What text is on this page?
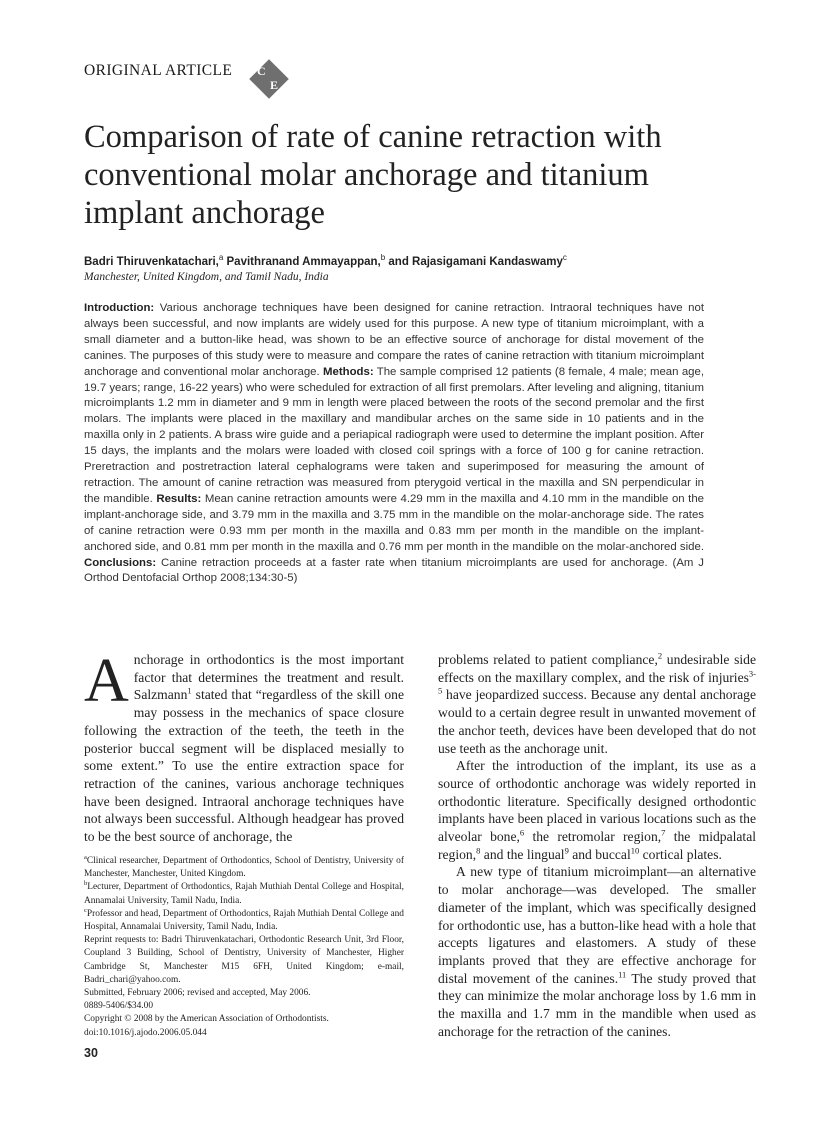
ORIGINAL ARTICLE C
E
Comparison of rate of canine retraction with
conventional molar anchorage and titanium
implant anchorage
Badri Thiruvenkatachari,$^a$ Pavithranand Ammayappan,$^b$ and Rajasigamani Kandaswamy$^c$
Manchester, United Kingdom, and Tamil Nadu, India

Introduction: Various anchorage techniques have been designed for canine retraction. Intraoral techniques have not always been successful, and now implants are widely used for this purpose. A new type of titanium microimplant, with a small diameter and a button-like head, was shown to be an effective source of anchorage for distal movement of the canines. The purposes of this study were to measure and compare the rates of canine retraction with titanium microimplant anchorage and conventional molar anchorage. Methods: The sample comprised 12 patients (8 female, 4 male; mean age, 19.7 years; range, 16-22 years) who were scheduled for extraction of all first premolars. After leveling and aligning, titanium microimplants 1.2 mm in diameter and 9 mm in length were placed between the roots of the second premolar and the first molars. The implants were placed in the maxillary and mandibular arches on the same side in 10 patients and in the maxilla only in 2 patients. A brass wire guide and a periapical radiograph were used to determine the implant position. After 15 days, the implants and the molars were loaded with closed coil springs with a force of 100 g for canine retraction. Preretraction and postretraction lateral cephalograms were taken and superimposed for measuring the amount of retraction. The amount of canine retraction was measured from pterygoid vertical in the maxilla and SN perpendicular in the mandible. Results: Mean canine retraction amounts were 4.29 mm in the maxilla and 4.10 mm in the mandible on the implant-anchorage side, and 3.79 mm in the maxilla and 3.75 mm in the mandible on the molar-anchorage side. The rates of canine retraction were 0.93 mm per month in the maxilla and 0.83 mm per month in the mandible on the implant-anchored side, and 0.81 mm per month in the maxilla and 0.76 mm per month in the mandible on the molar-anchored side. Conclusions: Canine retraction proceeds at a faster rate when titanium microimplants are used for anchorage. (Am J Orthod Dentofacial Orthop 2008;134:30-5)

Anchorage in orthodontics is the most important factor that determines the treatment and result. Salzmann$^1$ stated that “regardless of the skill one may possess in the mechanics of space closure following the extraction of the teeth, the teeth in the posterior buccal segment will be displaced mesially to some extent.” To use the entire extraction space for retraction of the canines, various anchorage techniques have been designed. Intraoral anchorage techniques have not always been successful. Although headgear has proved to be the best source of anchorage, the

$^a$Clinical researcher, Department of Orthodontics, School of Dentistry, University of Manchester, Manchester, United Kingdom.

$^b$Lecturer, Department of Orthodontics, Rajah Muthiah Dental College and Hospital, Annamalai University, Tamil Nadu, India.

$^c$Professor and head, Department of Orthodontics, Rajah Muthiah Dental College and Hospital, Annamalai University, Tamil Nadu, India.

Reprint requests to: Badri Thiruvenkatachari, Orthodontic Research Unit, 3rd Floor, Coupland 3 Building, School of Dentistry, University of Manchester, Higher Cambridge St, Manchester M15 6FH, United Kingdom; e-mail, Badri_chari@yahoo.com.

Submitted, February 2006; revised and accepted, May 2006.

0889-5406/$34.00

Copyright © 2008 by the American Association of Orthodontists.

doi:10.1016/j.ajodo.2006.05.044

problems related to patient compliance,$^2$ undesirable side effects on the maxillary complex, and the risk of injuries$^{3-5}$ have jeopardized success. Because any dental anchorage would to a certain degree result in unwanted movement of the anchor teeth, devices have been developed that do not use teeth as the anchorage unit.

After the introduction of the implant, its use as a source of orthodontic anchorage was widely reported in orthodontic literature. Specifically designed orthodontic implants have been placed in various locations such as the alveolar bone,$^6$ the retromolar region,$^7$ the midpalatal region,$^8$ and the lingual$^9$ and buccal$^{10}$ cortical plates.

A new type of titanium microimplant—an alternative to molar anchorage—was developed. The smaller diameter of the implant, which was specifically designed for orthodontic use, has a button-like head with a hole that accepts ligatures and elastomers. A study of these implants proved that they are effective anchorage for distal movement of the canines.$^{11}$ The study proved that they can minimize the molar anchorage loss by 1.6 mm in the maxilla and 1.7 mm in the mandible when used as anchorage for the retraction of the canines.

30
